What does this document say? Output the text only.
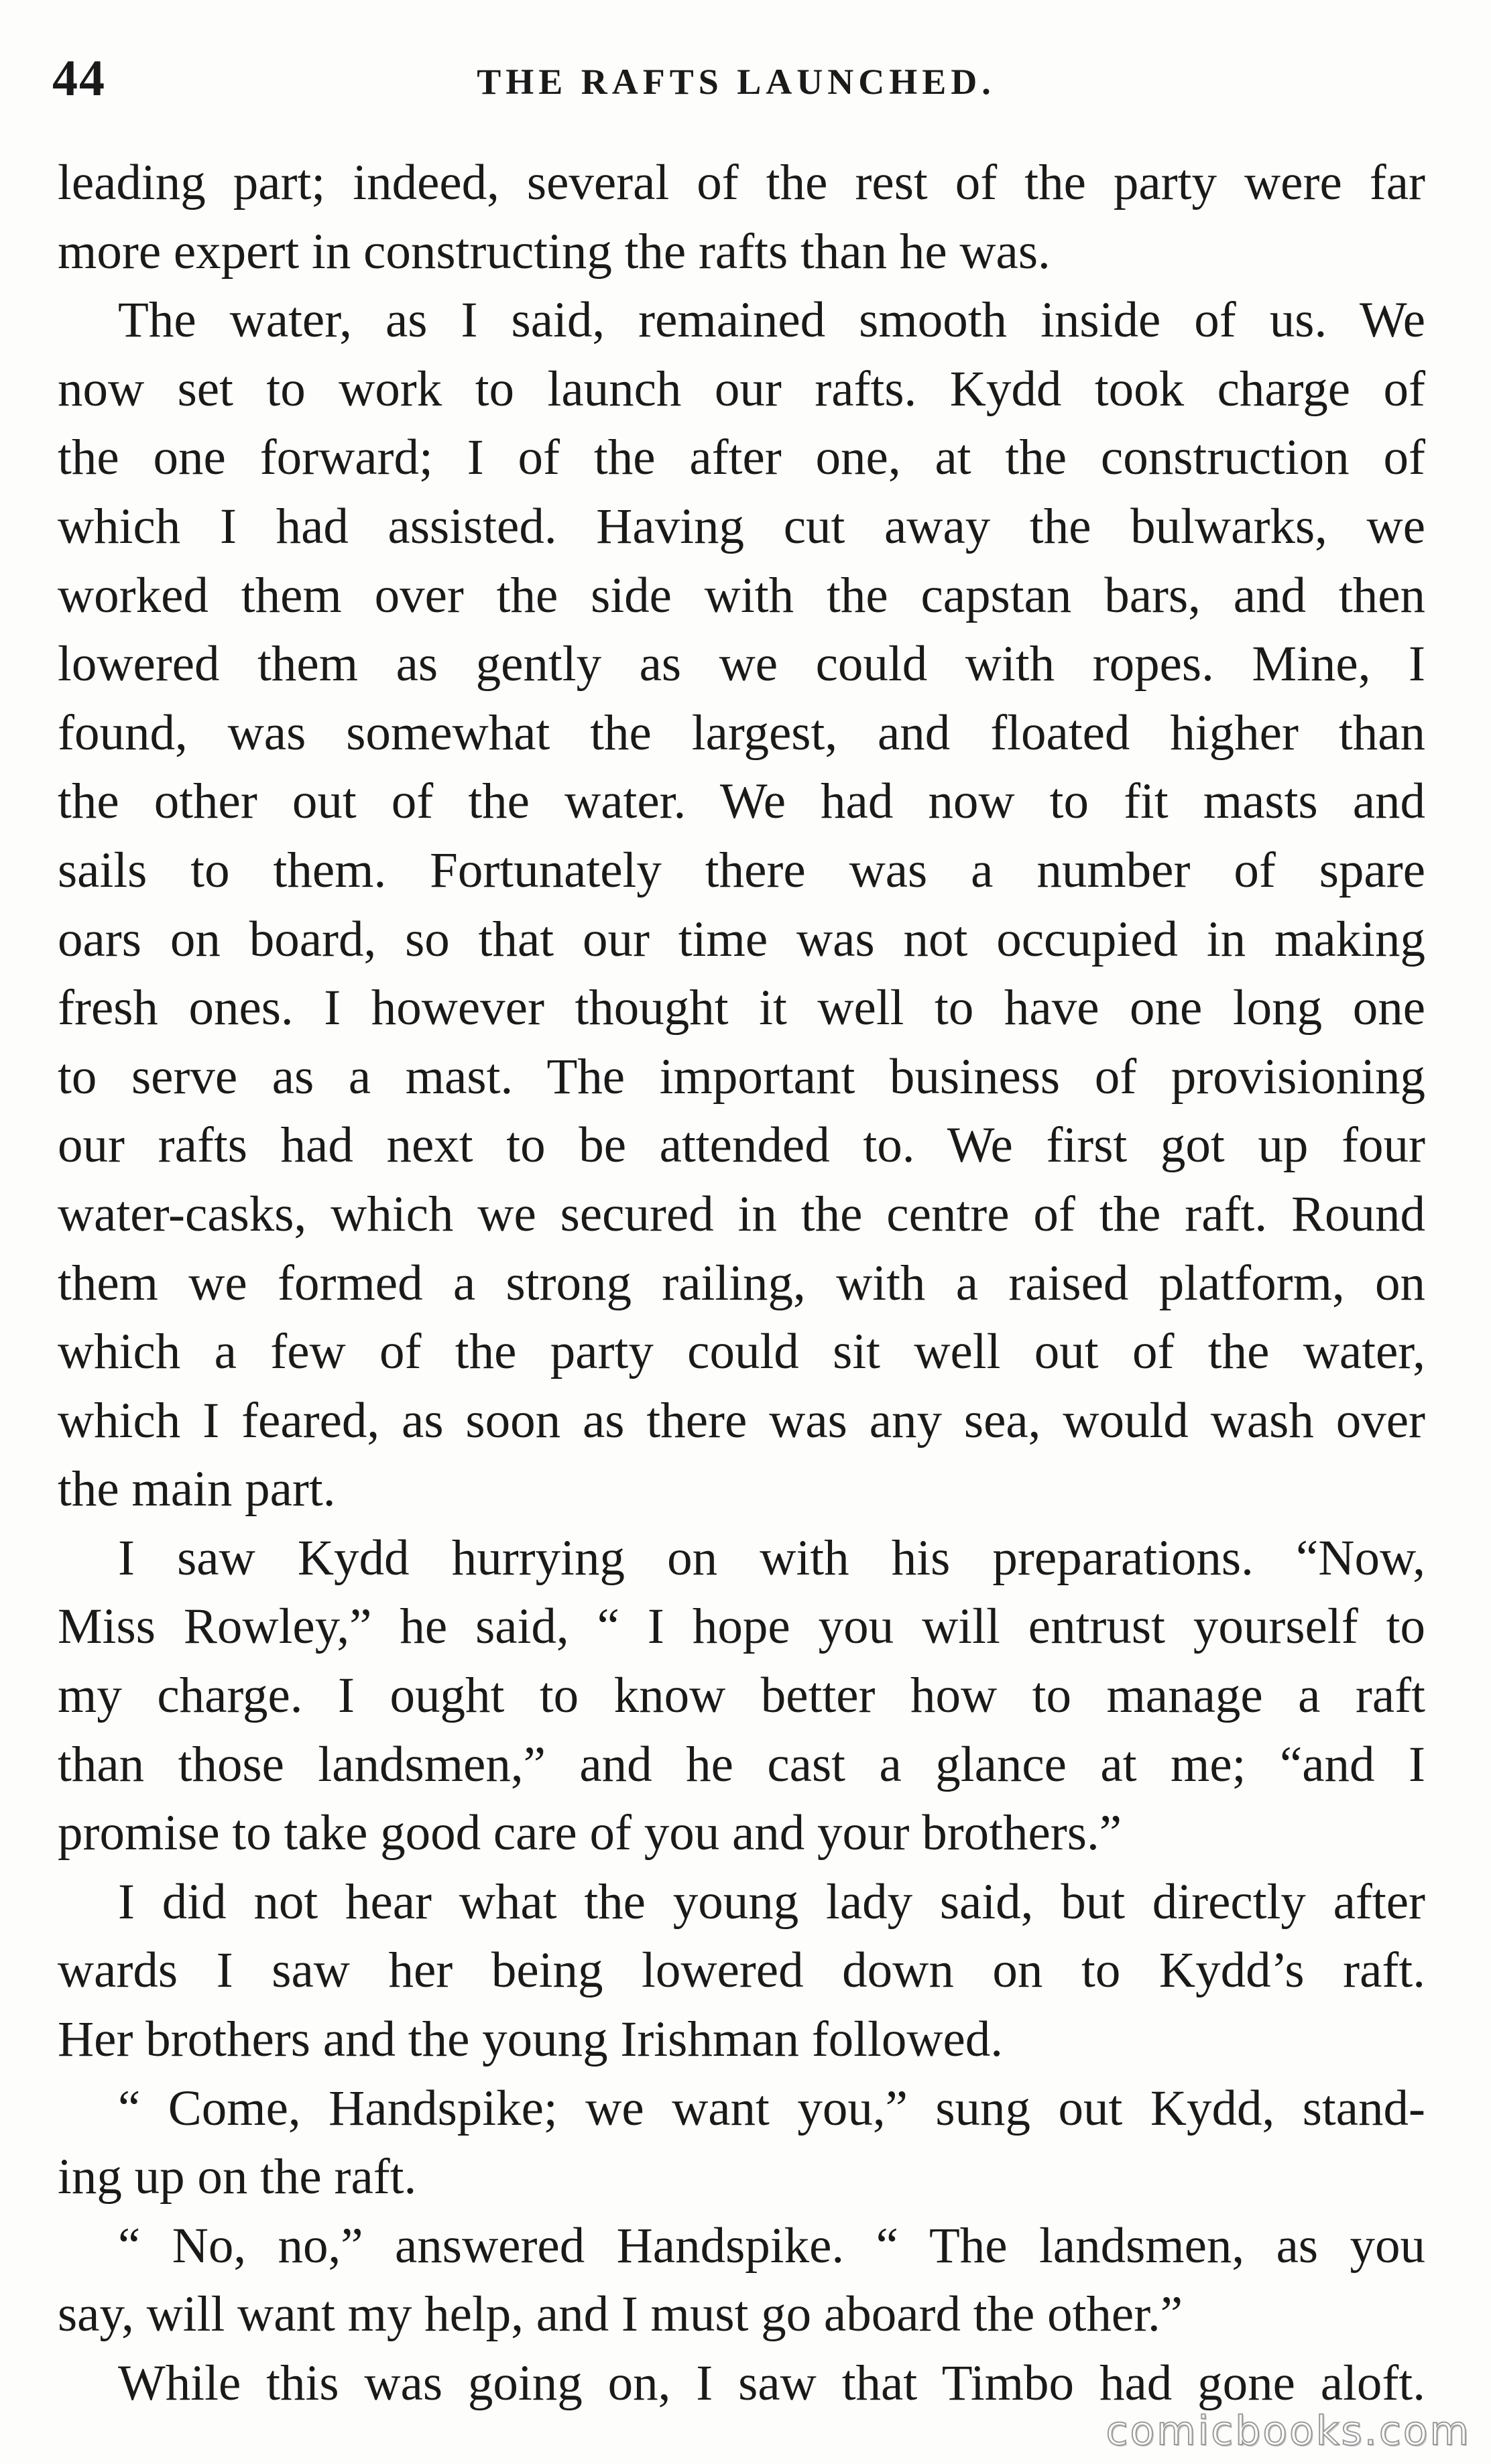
44	THE RAFTS LAUNCHED.
leading part; indeed, several of the rest of the party were far
more expert in constructing the rafts than he was.
The water, as I said, remained smooth inside of us. We
now set to work to launch our rafts. Kydd took charge of
the one forward; I of the after one, at the construction of
which I had assisted. Having cut away the bulwarks, we
worked them over the side with the capstan bars, and then
lowered them as gently as we could with ropes. Mine, I
found, was somewhat the largest, and floated higher than
the other out of the water. We had now to fit masts and
sails to them. Fortunately there was a number of spare
oars on board, so that our time was not occupied in making
fresh ones. I however thought it well to have one long one
to serve as a mast. The important business of provisioning
our rafts had next to be attended to. We first got up four
water-casks, which we secured in the centre of the raft. Round
them we formed a strong railing, with a raised platform, on
which a few of the party could sit well out of the water,
which I feared, as soon as there was any sea, would wash over
the main part.
I saw Kydd hurrying on with his preparations. “Now,
Miss Rowley,” he said, “ I hope you will entrust yourself to
my charge. I ought to know better how to manage a raft
than those landsmen,” and he cast a glance at me; “and I
promise to take good care of you and your brothers.”
I did not hear what the young lady said, but directly after
wards I saw her being lowered down on to Kydd’s raft.
Her brothers and the young Irishman followed.
“ Come, Handspike; we want you,” sung out Kydd, stand-
ing up on the raft.
“ No, no,” answered Handspike. “ The landsmen, as you
say, will want my help, and I must go aboard the other.”
While this was going on, I saw that Timbo had gone aloft.
comicbooks.com
